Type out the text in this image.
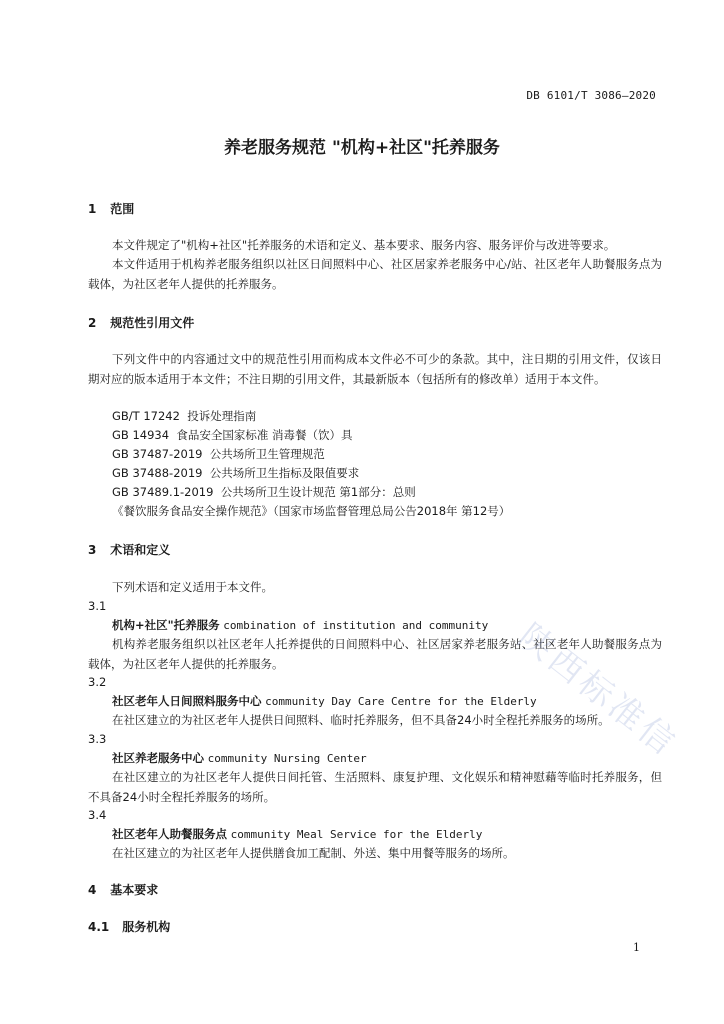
DB 6101/T 3086—2020
养老服务规范 "机构+社区"托养服务
1 范围
本文件规定了"机构+社区"托养服务的术语和定义、基本要求、服务内容、服务评价与改进等要求。
本文件适用于机构养老服务组织以社区日间照料中心、社区居家养老服务中心/站、社区老年人助餐服务点为载体，为社区老年人提供的托养服务。
2 规范性引用文件
下列文件中的内容通过文中的规范性引用而构成本文件必不可少的条款。其中，注日期的引用文件，仅该日期对应的版本适用于本文件；不注日期的引用文件，其最新版本（包括所有的修改单）适用于本文件。
GB/T 17242  投诉处理指南
GB 14934  食品安全国家标准 消毒餐（饮）具
GB 37487-2019  公共场所卫生管理规范
GB 37488-2019  公共场所卫生指标及限值要求
GB 37489.1-2019  公共场所卫生设计规范 第1部分：总则
《餐饮服务食品安全操作规范》（国家市场监督管理总局公告2018年 第12号）
3 术语和定义
下列术语和定义适用于本文件。
3.1
机构+社区"托养服务 combination of institution and community
机构养老服务组织以社区老年人托养提供的日间照料中心、社区居家养老服务站、社区老年人助餐服务点为载体，为社区老年人提供的托养服务。
3.2
社区老年人日间照料服务中心 community Day Care Centre for the Elderly
在社区建立的为社区老年人提供日间照料、临时托养服务，但不具备24小时全程托养服务的场所。
3.3
社区养老服务中心 community Nursing Center
在社区建立的为社区老年人提供日间托管、生活照料、康复护理、文化娱乐和精神慰藉等临时托养服务，但不具备24小时全程托养服务的场所。
3.4
社区老年人助餐服务点 community Meal Service for the Elderly
在社区建立的为社区老年人提供膳食加工配制、外送、集中用餐等服务的场所。
4 基本要求
4.1 服务机构
陕西标准信
1
